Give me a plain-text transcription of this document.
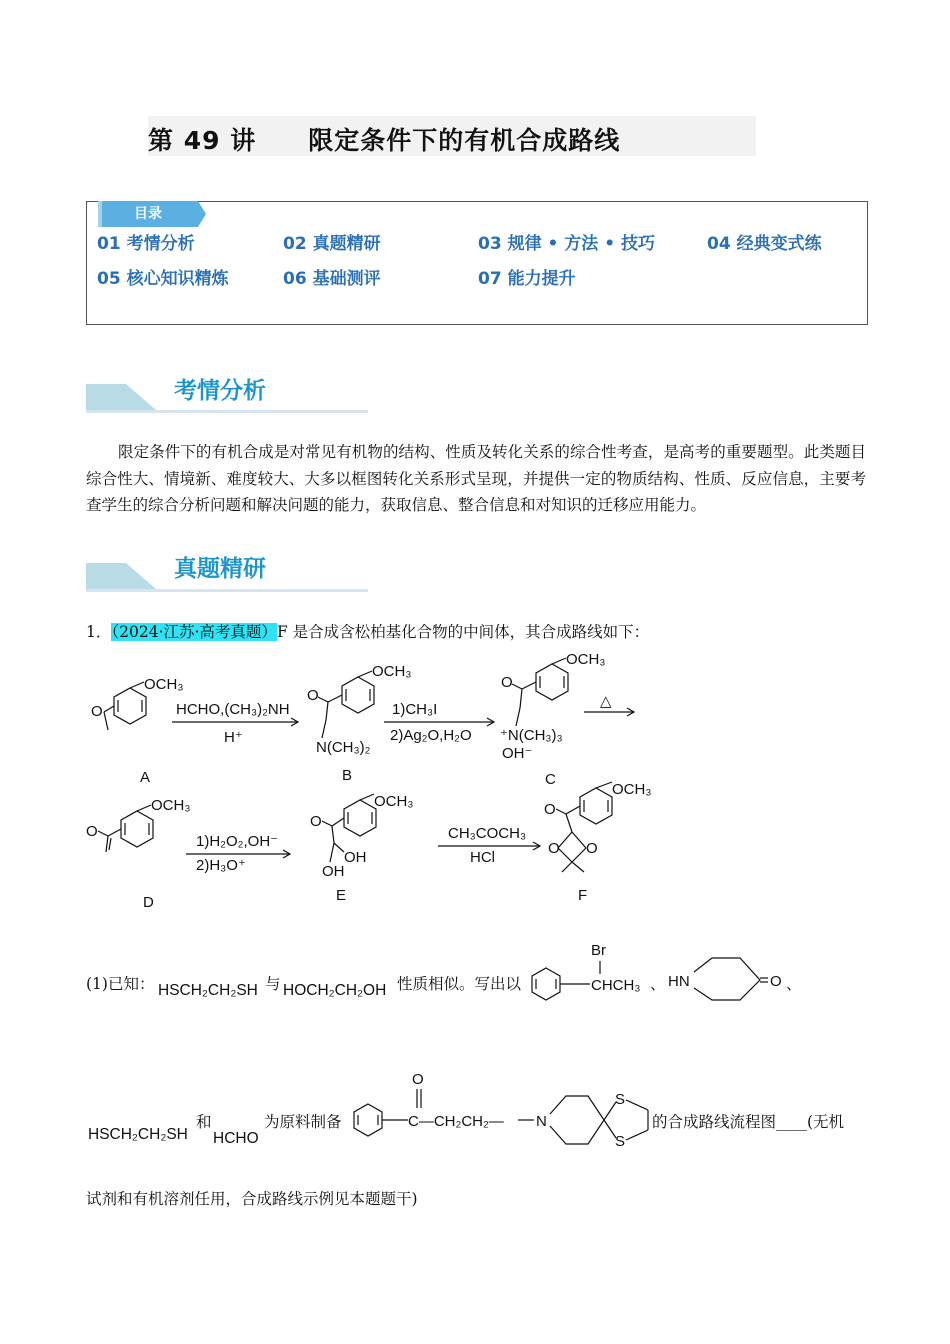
第 49 讲　　限定条件下的有机合成路线
目录
01 考情分析	02 真题精研	03 规律 • 方法 • 技巧	04 经典变式练
05 核心知识精炼	06 基础测评	07 能力提升
考情分析
限定条件下的有机合成是对常见有机物的结构、性质及转化关系的综合性考查，是高考的重要题型。此类题目综合性大、情境新、难度较大、大多以框图转化关系形式呈现，并提供一定的物质结构、性质、反应信息，主要考查学生的综合分析问题和解决问题的能力，获取信息、整合信息和对知识的迁移应用能力。
真题精研
1．（2024·江苏·高考真题）F 是合成含松柏基化合物的中间体，其合成路线如下：
OCH₃
O	HCHO,(CH₃)₂NH
H⁺
OCH₃
O
N(CH₃)₂
1)CH₃I
2)Ag₂O,H₂O
OCH₃
O
⁺N(CH₃)₃
OH⁻
△
OCH₃
O
1)H₂O₂,OH⁻
2)H₃O⁺
OCH₃
O
OH
OH
CH₃COCH₃
HCl
OCH₃
O
O
O
A	B	C
D	E	F
Br
CHCH₃ HN	O
O
C—CH₂CH₂— N
S
S
(1)已知： HSCH₂CH₂SH 与 HOCH₂CH₂OH 性质相似。写出以	、	、
HSCH₂CH₂SH
和
HCHO
为原料制备	的合成路线流程图____(无机
试剂和有机溶剂任用，合成路线示例见本题题干)
